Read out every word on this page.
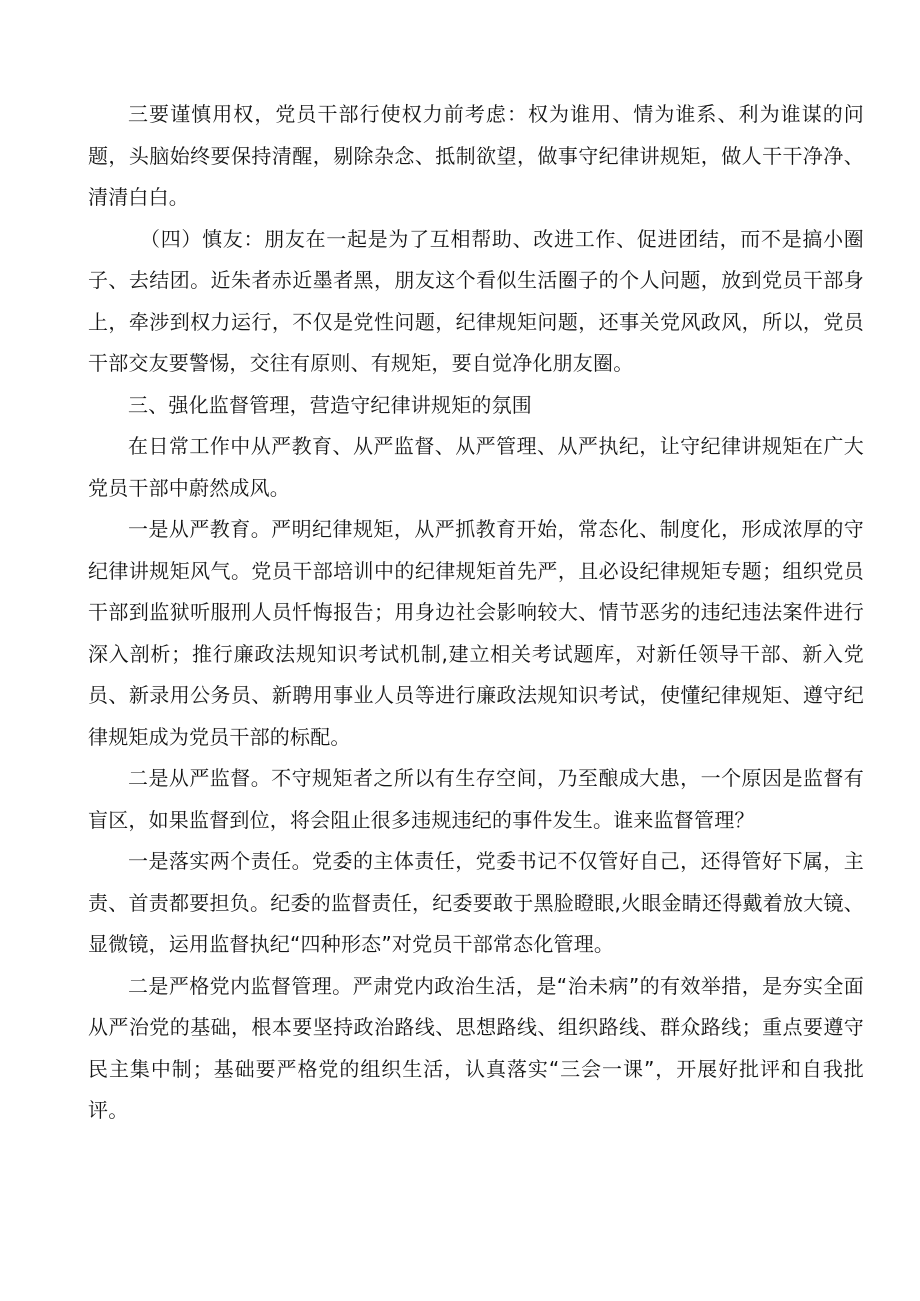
三要谨慎用权，党员干部行使权力前考虑：权为谁用、情为谁系、利为谁谋的问题，头脑始终要保持清醒，剔除杂念、抵制欲望，做事守纪律讲规矩，做人干干净净、清清白白。

（四）慎友：朋友在一起是为了互相帮助、改进工作、促进团结，而不是搞小圈子、去结团。近朱者赤近墨者黑，朋友这个看似生活圈子的个人问题，放到党员干部身上，牵涉到权力运行，不仅是党性问题，纪律规矩问题，还事关党风政风，所以，党员干部交友要警惕，交往有原则、有规矩，要自觉净化朋友圈。

三、强化监督管理，营造守纪律讲规矩的氛围

在日常工作中从严教育、从严监督、从严管理、从严执纪，让守纪律讲规矩在广大党员干部中蔚然成风。

一是从严教育。严明纪律规矩，从严抓教育开始，常态化、制度化，形成浓厚的守纪律讲规矩风气。党员干部培训中的纪律规矩首先严，且必设纪律规矩专题；组织党员干部到监狱听服刑人员忏悔报告；用身边社会影响较大、情节恶劣的违纪违法案件进行深入剖析；推行廉政法规知识考试机制,建立相关考试题库，对新任领导干部、新入党员、新录用公务员、新聘用事业人员等进行廉政法规知识考试，使懂纪律规矩、遵守纪律规矩成为党员干部的标配。

二是从严监督。不守规矩者之所以有生存空间，乃至酿成大患，一个原因是监督有盲区，如果监督到位，将会阻止很多违规违纪的事件发生。谁来监督管理？

一是落实两个责任。党委的主体责任，党委书记不仅管好自己，还得管好下属，主责、首责都要担负。纪委的监督责任，纪委要敢于黑脸瞪眼,火眼金睛还得戴着放大镜、显微镜，运用监督执纪“四种形态”对党员干部常态化管理。

二是严格党内监督管理。严肃党内政治生活，是“治未病”的有效举措，是夯实全面从严治党的基础，根本要坚持政治路线、思想路线、组织路线、群众路线；重点要遵守民主集中制；基础要严格党的组织生活，认真落实“三会一课”，开展好批评和自我批评。
